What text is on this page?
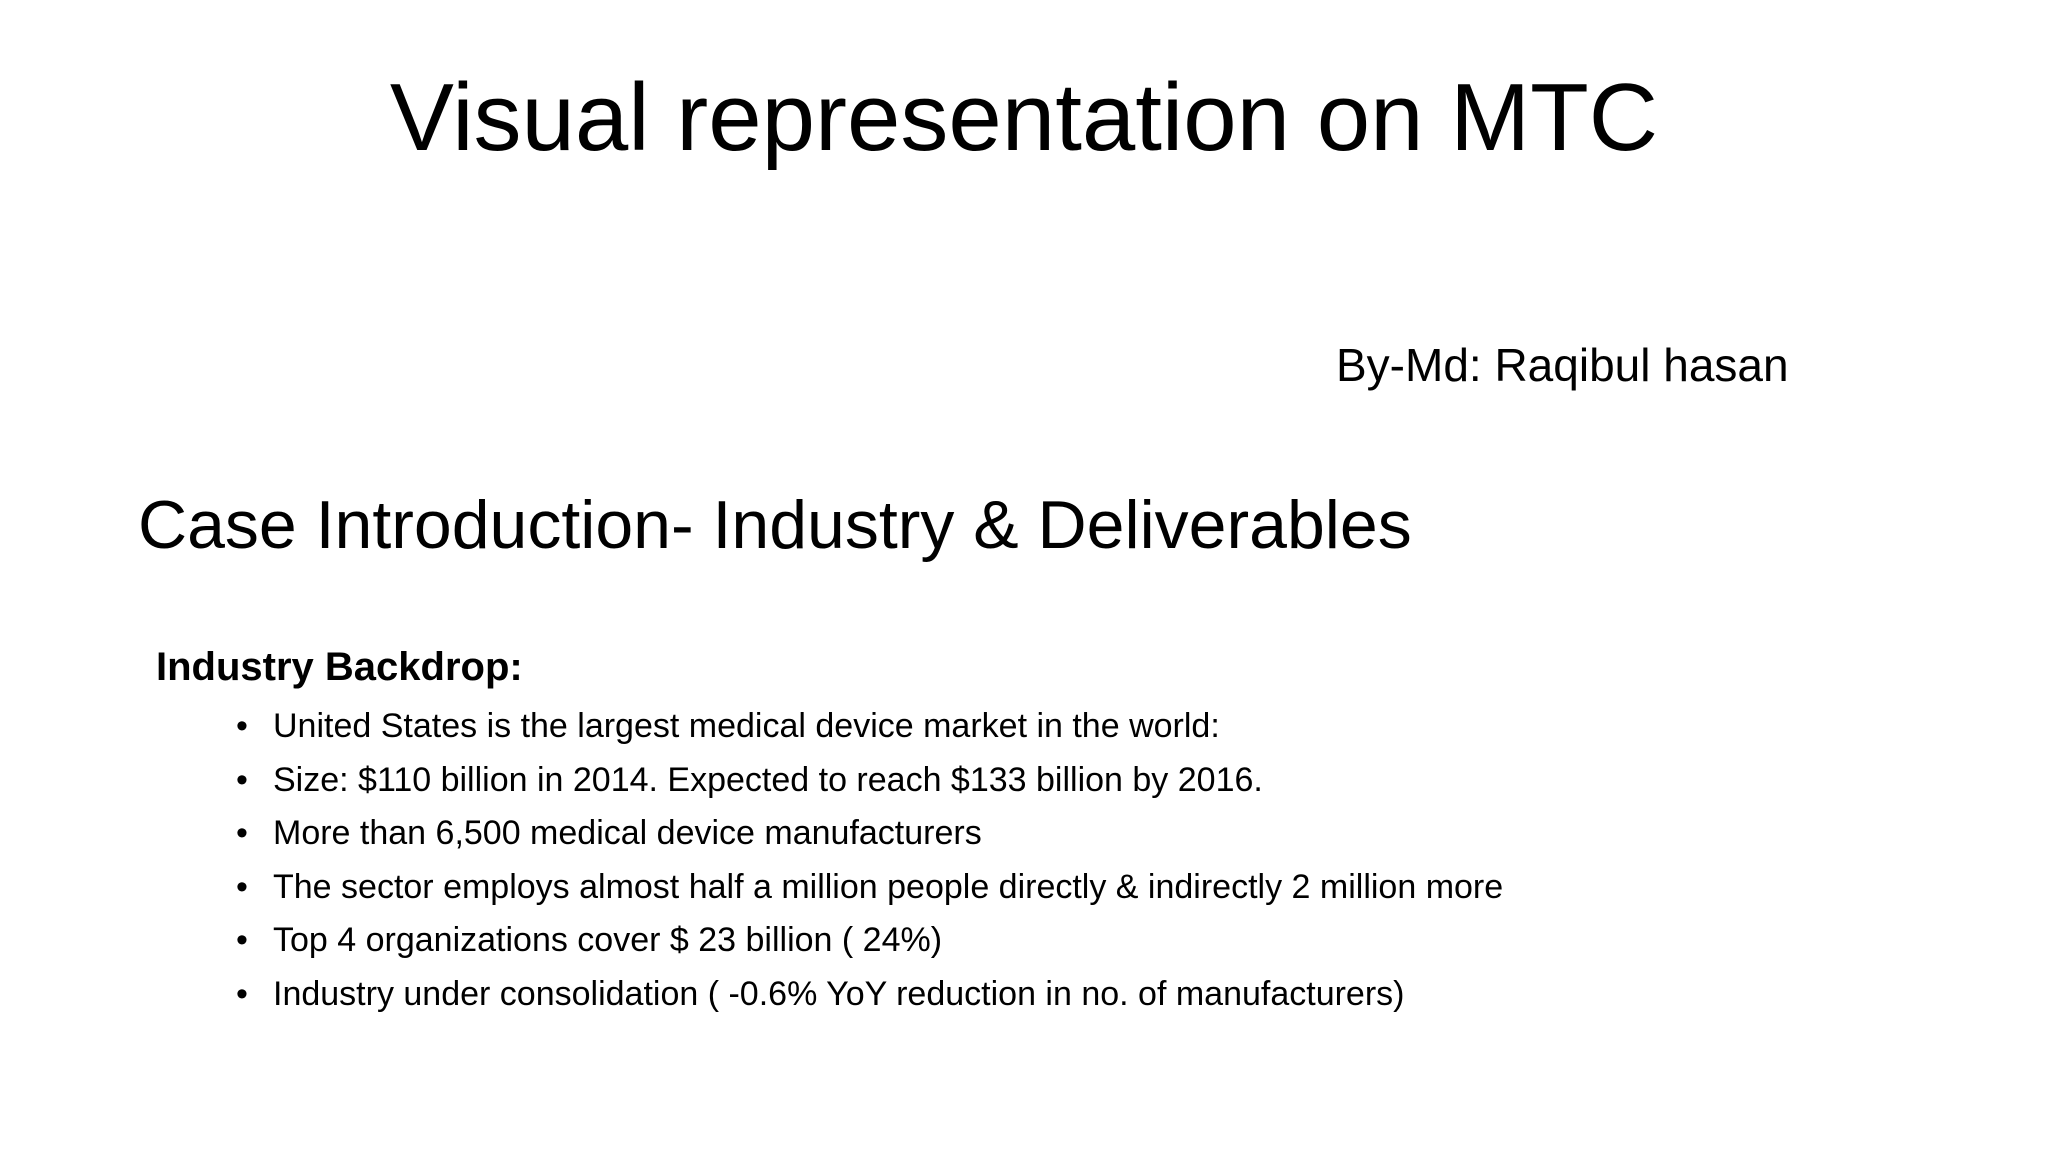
Visual representation on MTC
By-Md: Raqibul hasan
Case Introduction- Industry & Deliverables
Industry Backdrop:
• United States is the largest medical device market in the world:
• Size: $110 billion in 2014. Expected to reach $133 billion by 2016.
• More than 6,500 medical device manufacturers
• The sector employs almost half a million people directly & indirectly 2 million more
• Top 4 organizations cover $ 23 billion ( 24%)
• Industry under consolidation ( -0.6% YoY reduction in no. of manufacturers)
